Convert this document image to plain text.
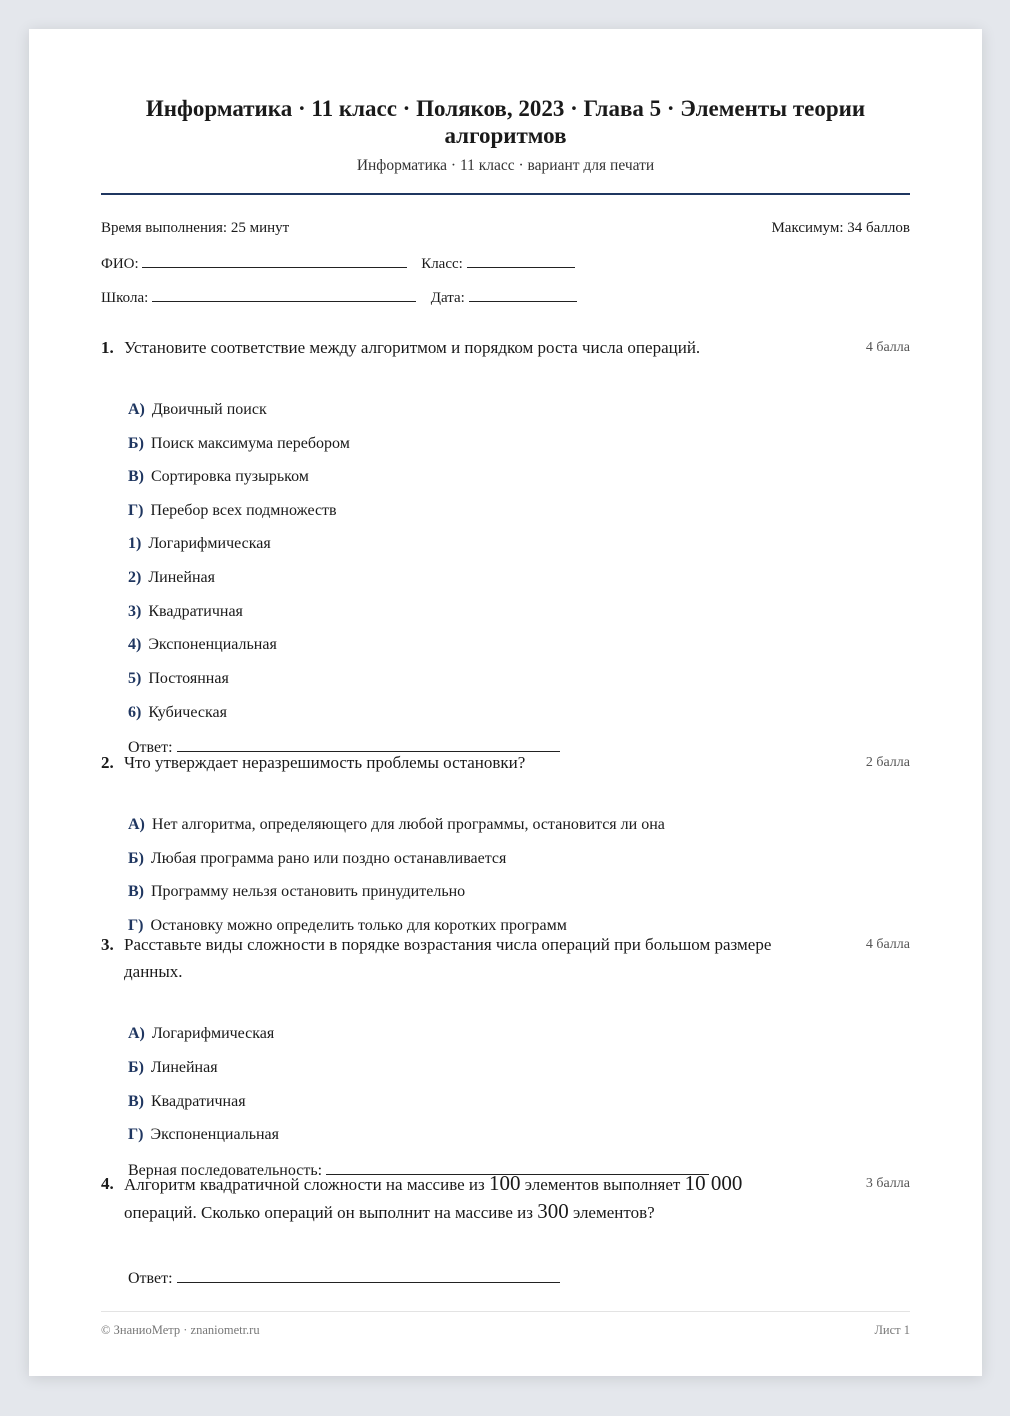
Информатика · 11 класс · Поляков, 2023 · Глава 5 · Элементы теории алгоритмов
Информатика · 11 класс · вариант для печати
Время выполнения: 25 минут	Максимум: 34 баллов
ФИО:	Класс:
Школа:	Дата:
1. Установите соответствие между алгоритмом и порядком роста числа операций.	4 балла
А) Двоичный поиск
Б) Поиск максимума перебором
В) Сортировка пузырьком
Г) Перебор всех подмножеств
1) Логарифмическая
2) Линейная
3) Квадратичная
4) Экспоненциальная
5) Постоянная
6) Кубическая
Ответ:
2. Что утверждает неразрешимость проблемы остановки?	2 балла
А) Нет алгоритма, определяющего для любой программы, остановится ли она
Б) Любая программа рано или поздно останавливается
В) Программу нельзя остановить принудительно
Г) Остановку можно определить только для коротких программ
3. Расставьте виды сложности в порядке возрастания числа операций при большом размере данных.
4 балла
А) Логарифмическая
Б) Линейная
В) Квадратичная
Г) Экспоненциальная
Верная последовательность:
4. Алгоритм квадратичной сложности на массиве из 100 элементов выполняет 10 000 операций. Сколько операций он выполнит на массиве из 300 элементов?
3 балла
Ответ:
© ЗнаниоМетр · znaniometr.ru	Лист 1
